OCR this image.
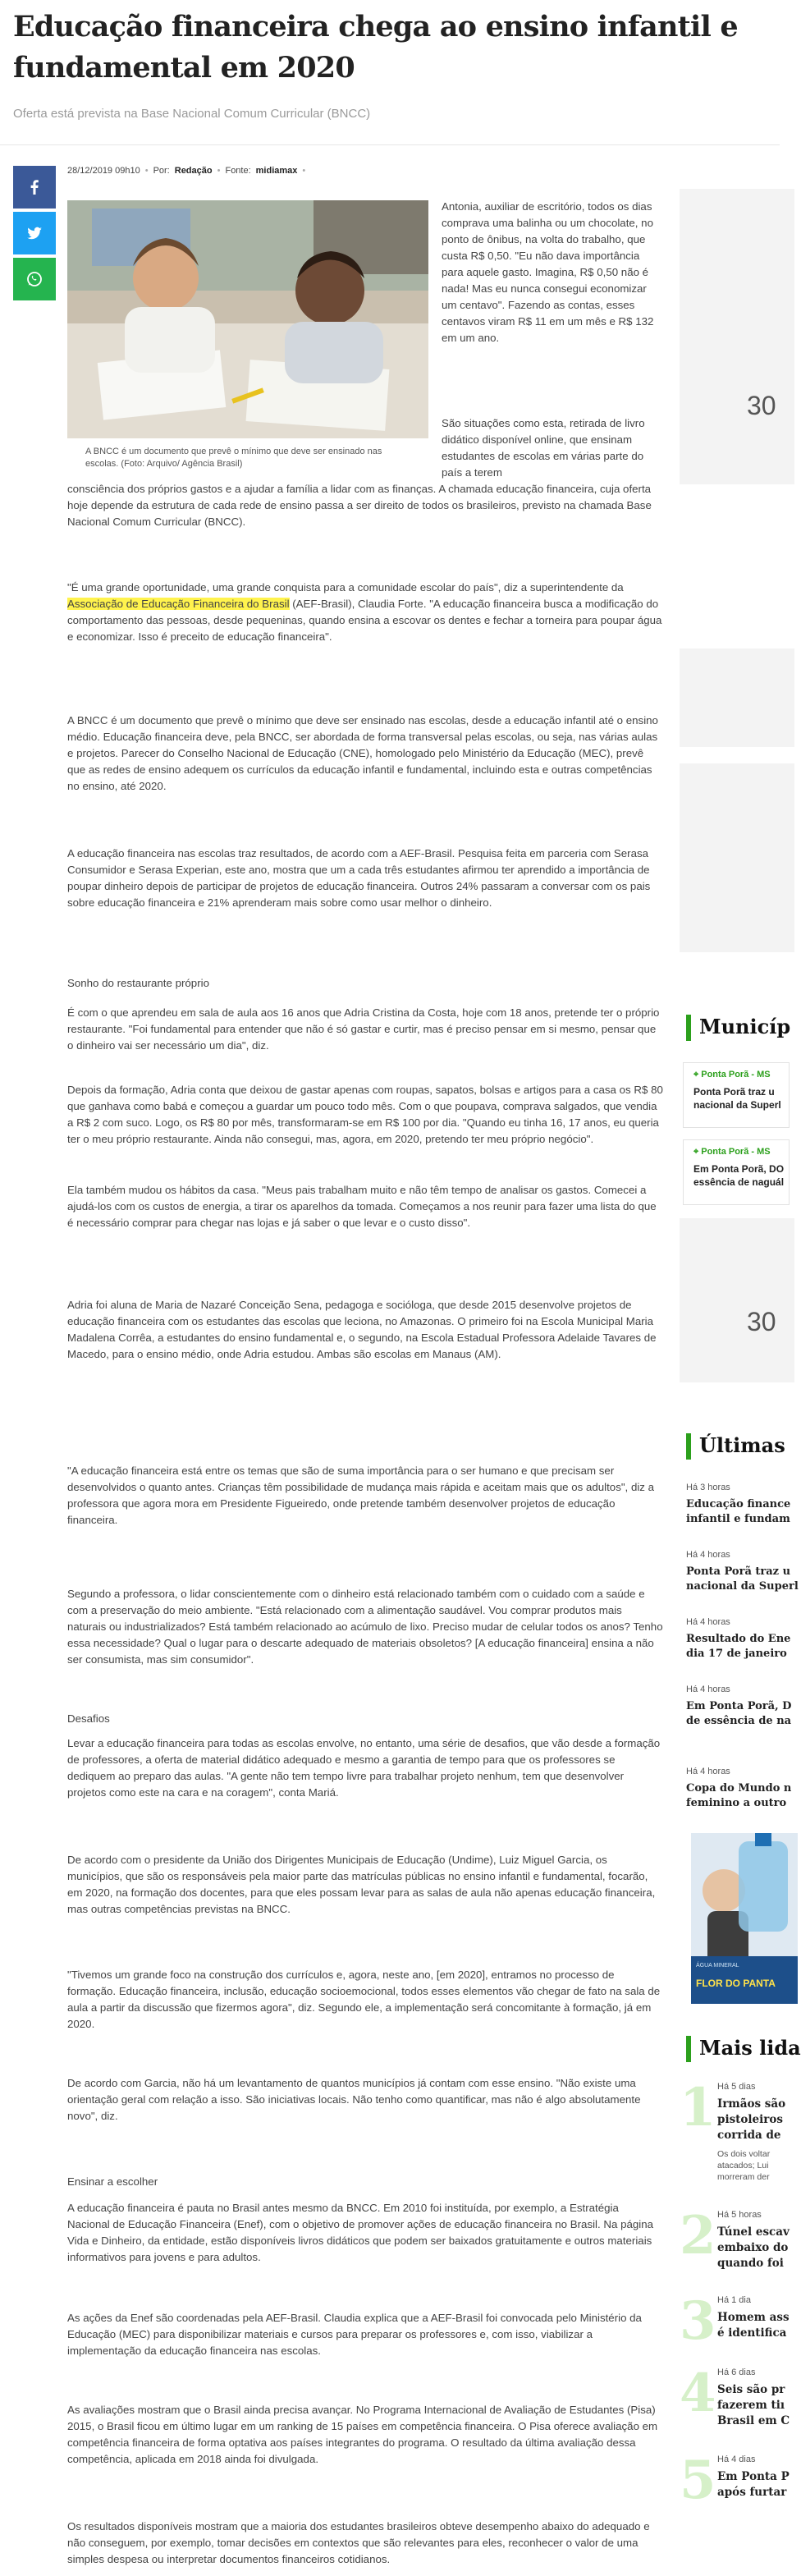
Educação financeira chega ao ensino infantil e fundamental em 2020
Oferta está prevista na Base Nacional Comum Curricular (BNCC)
28/12/2019 09h10 • Por: Redação • Fonte: midiamax •
A BNCC é um documento que prevê o mínimo que deve ser ensinado nas escolas. (Foto: Arquivo/ Agência Brasil)

Antonia, auxiliar de escritório, todos os dias comprava uma balinha ou um chocolate, no ponto de ônibus, na volta do trabalho, que custa R$ 0,50. "Eu não dava importância para aquele gasto. Imagina, R$ 0,50 não é nada! Mas eu nunca consegui economizar um centavo". Fazendo as contas, esses centavos viram R$ 11 em um mês e R$ 132 em um ano.

São situações como esta, retirada de livro didático disponível online, que ensinam estudantes de escolas em várias parte do país a terem

consciência dos próprios gastos e a ajudar a família a lidar com as finanças. A chamada educação financeira, cuja oferta hoje depende da estrutura de cada rede de ensino passa a ser direito de todos os brasileiros, previsto na chamada Base Nacional Comum Curricular (BNCC).

"É uma grande oportunidade, uma grande conquista para a comunidade escolar do país", diz a superintendente da Associação de Educação Financeira do Brasil (AEF-Brasil), Claudia Forte. "A educação financeira busca a modificação do comportamento das pessoas, desde pequeninas, quando ensina a escovar os dentes e fechar a torneira para poupar água e economizar. Isso é preceito de educação financeira".

A BNCC é um documento que prevê o mínimo que deve ser ensinado nas escolas, desde a educação infantil até o ensino médio. Educação financeira deve, pela BNCC, ser abordada de forma transversal pelas escolas, ou seja, nas várias aulas e projetos. Parecer do Conselho Nacional de Educação (CNE), homologado pelo Ministério da Educação (MEC), prevê que as redes de ensino adequem os currículos da educação infantil e fundamental, incluindo esta e outras competências no ensino, até 2020.

A educação financeira nas escolas traz resultados, de acordo com a AEF-Brasil. Pesquisa feita em parceria com Serasa Consumidor e Serasa Experian, este ano, mostra que um a cada três estudantes afirmou ter aprendido a importância de poupar dinheiro depois de participar de projetos de educação financeira. Outros 24% passaram a conversar com os pais sobre educação financeira e 21% aprenderam mais sobre como usar melhor o dinheiro.

Sonho do restaurante próprio

É com o que aprendeu em sala de aula aos 16 anos que Adria Cristina da Costa, hoje com 18 anos, pretende ter o próprio restaurante. "Foi fundamental para entender que não é só gastar e curtir, mas é preciso pensar em si mesmo, pensar que o dinheiro vai ser necessário um dia", diz.

Depois da formação, Adria conta que deixou de gastar apenas com roupas, sapatos, bolsas e artigos para a casa os R$ 80 que ganhava como babá e começou a guardar um pouco todo mês. Com o que poupava, comprava salgados, que vendia a R$ 2 com suco. Logo, os R$ 80 por mês, transformaram-se em R$ 100 por dia. "Quando eu tinha 16, 17 anos, eu queria ter o meu próprio restaurante. Ainda não consegui, mas, agora, em 2020, pretendo ter meu próprio negócio".

Ela também mudou os hábitos da casa. "Meus pais trabalham muito e não têm tempo de analisar os gastos. Comecei a ajudá-los com os custos de energia, a tirar os aparelhos da tomada. Começamos a nos reunir para fazer uma lista do que é necessário comprar para chegar nas lojas e já saber o que levar e o custo disso".

Adria foi aluna de Maria de Nazaré Conceição Sena, pedagoga e socióloga, que desde 2015 desenvolve projetos de educação financeira com os estudantes das escolas que leciona, no Amazonas. O primeiro foi na Escola Municipal Maria Madalena Corrêa, a estudantes do ensino fundamental e, o segundo, na Escola Estadual Professora Adelaide Tavares de Macedo, para o ensino médio, onde Adria estudou. Ambas são escolas em Manaus (AM).

"A educação financeira está entre os temas que são de suma importância para o ser humano e que precisam ser desenvolvidos o quanto antes. Crianças têm possibilidade de mudança mais rápida e aceitam mais que os adultos", diz a professora que agora mora em Presidente Figueiredo, onde pretende também desenvolver projetos de educação financeira.

Segundo a professora, o lidar conscientemente com o dinheiro está relacionado também com o cuidado com a saúde e com a preservação do meio ambiente. "Está relacionado com a alimentação saudável. Vou comprar produtos mais naturais ou industrializados? Está também relacionado ao acúmulo de lixo. Preciso mudar de celular todos os anos? Tenho essa necessidade? Qual o lugar para o descarte adequado de materiais obsoletos? [A educação financeira] ensina a não ser consumista, mas sim consumidor".

Desafios

Levar a educação financeira para todas as escolas envolve, no entanto, uma série de desafios, que vão desde a formação de professores, a oferta de material didático adequado e mesmo a garantia de tempo para que os professores se dediquem ao preparo das aulas. "A gente não tem tempo livre para trabalhar projeto nenhum, tem que desenvolver projetos como este na cara e na coragem", conta Mariá.

De acordo com o presidente da União dos Dirigentes Municipais de Educação (Undime), Luiz Miguel Garcia, os municípios, que são os responsáveis pela maior parte das matrículas públicas no ensino infantil e fundamental, focarão, em 2020, na formação dos docentes, para que eles possam levar para as salas de aula não apenas educação financeira, mas outras competências previstas na BNCC.

"Tivemos um grande foco na construção dos currículos e, agora, neste ano, [em 2020], entramos no processo de formação. Educação financeira, inclusão, educação socioemocional, todos esses elementos vão chegar de fato na sala de aula a partir da discussão que fizermos agora", diz. Segundo ele, a implementação será concomitante à formação, já em 2020.

De acordo com Garcia, não há um levantamento de quantos municípios já contam com esse ensino. "Não existe uma orientação geral com relação a isso. São iniciativas locais. Não tenho como quantificar, mas não é algo absolutamente novo", diz.

Ensinar a escolher

A educação financeira é pauta no Brasil antes mesmo da BNCC. Em 2010 foi instituída, por exemplo, a Estratégia Nacional de Educação Financeira (Enef), com o objetivo de promover ações de educação financeira no Brasil. Na página Vida e Dinheiro, da entidade, estão disponíveis livros didáticos que podem ser baixados gratuitamente e outros materiais informativos para jovens e para adultos.

As ações da Enef são coordenadas pela AEF-Brasil. Claudia explica que a AEF-Brasil foi convocada pelo Ministério da Educação (MEC) para disponibilizar materiais e cursos para preparar os professores e, com isso, viabilizar a implementação da educação financeira nas escolas.

As avaliações mostram que o Brasil ainda precisa avançar. No Programa Internacional de Avaliação de Estudantes (Pisa) 2015, o Brasil ficou em último lugar em um ranking de 15 países em competência financeira. O Pisa oferece avaliação em competência financeira de forma optativa aos países integrantes do programa. O resultado da última avaliação dessa competência, aplicada em 2018 ainda foi divulgada.

Os resultados disponíveis mostram que a maioria dos estudantes brasileiros obteve desempenho abaixo do adequado e não conseguem, por exemplo, tomar decisões em contextos que são relevantes para eles, reconhecer o valor de uma simples despesa ou interpretar documentos financeiros cotidianos.

30
Municíp
⌖ Ponta Porã - MS
Ponta Porã traz u
nacional da Superl
⌖ Ponta Porã - MS
Em Ponta Porã, DO
essência de naguál
30
Últimas
Há 3 horas
Educação finance
infantil e fundam
Há 4 horas
Ponta Porã traz u
nacional da Superl
Há 4 horas
Resultado do Ene
dia 17 de janeiro
Há 4 horas
Em Ponta Porã, D
de essência de na
Há 4 horas
Copa do Mundo n
feminino a outro
ÁGUA MINERAL
FLOR DO PANTA
Mais lida
1 Há 5 dias
Irmãos são
pistoleiros
corrida de
Os dois voltar
atacados; Lui
morreram der
2 Há 5 horas
Túnel escav
embaixo do
quando foi
3 Há 1 dia
Homem ass
é identifica
4 Há 6 dias
Seis são pr
fazerem tiı
Brasil em C
5 Há 4 dias
Em Ponta P
após furtar
